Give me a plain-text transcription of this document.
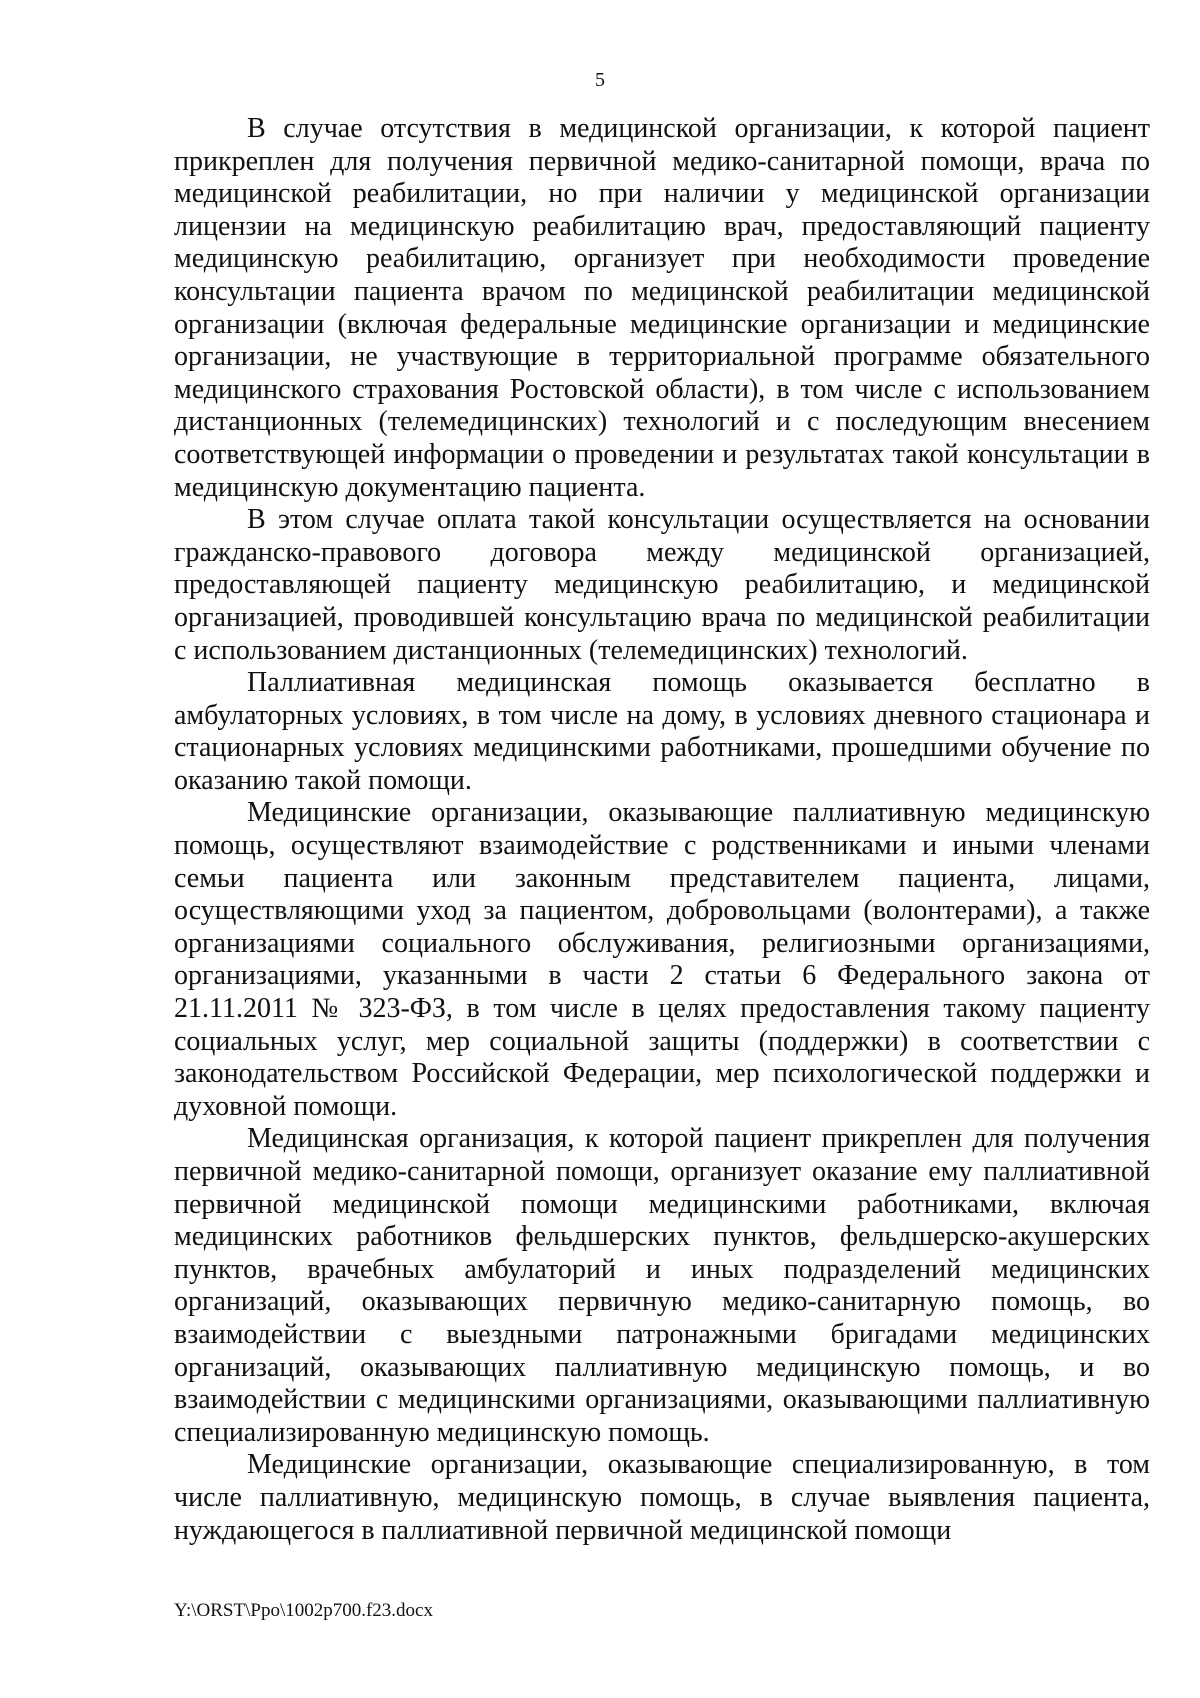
5

В случае отсутствия в медицинской организации, к которой пациент прикреплен для получения первичной медико-санитарной помощи, врача по медицинской реабилитации, но при наличии у медицинской организации лицензии на медицинскую реабилитацию врач, предоставляющий пациенту медицинскую реабилитацию, организует при необходимости проведение консультации пациента врачом по медицинской реабилитации медицинской организации (включая федеральные медицинские организации и медицинские организации, не участвующие в территориальной программе обязательного медицинского страхования Ростовской области), в том числе с использованием дистанционных (телемедицинских) технологий и с последующим внесением соответствующей информации о проведении и результатах такой консультации в медицинскую документацию пациента.

В этом случае оплата такой консультации осуществляется на основании гражданско-правового договора между медицинской организацией, предоставляющей пациенту медицинскую реабилитацию, и медицинской организацией, проводившей консультацию врача по медицинской реабилитации с использованием дистанционных (телемедицинских) технологий.

Паллиативная медицинская помощь оказывается бесплатно в амбулаторных условиях, в том числе на дому, в условиях дневного стационара и стационарных условиях медицинскими работниками, прошедшими обучение по оказанию такой помощи.

Медицинские организации, оказывающие паллиативную медицинскую помощь, осуществляют взаимодействие с родственниками и иными членами семьи пациента или законным представителем пациента, лицами, осуществляющими уход за пациентом, добровольцами (волонтерами), а также организациями социального обслуживания, религиозными организациями, организациями, указанными в части 2 статьи 6 Федерального закона от 21.11.2011 № 323-ФЗ, в том числе в целях предоставления такому пациенту социальных услуг, мер социальной защиты (поддержки) в соответствии с законодательством Российской Федерации, мер психологической поддержки и духовной помощи.

Медицинская организация, к которой пациент прикреплен для получения первичной медико-санитарной помощи, организует оказание ему паллиативной первичной медицинской помощи медицинскими работниками, включая медицинских работников фельдшерских пунктов, фельдшерско-акушерских пунктов, врачебных амбулаторий и иных подразделений медицинских организаций, оказывающих первичную медико-санитарную помощь, во взаимодействии с выездными патронажными бригадами медицинских организаций, оказывающих паллиативную медицинскую помощь, и во взаимодействии с медицинскими организациями, оказывающими паллиативную специализированную медицинскую помощь.

Медицинские организации, оказывающие специализированную, в том числе паллиативную, медицинскую помощь, в случае выявления пациента, нуждающегося в паллиативной первичной медицинской помощи

Y:\ORST\Ppo\1002p700.f23.docx
